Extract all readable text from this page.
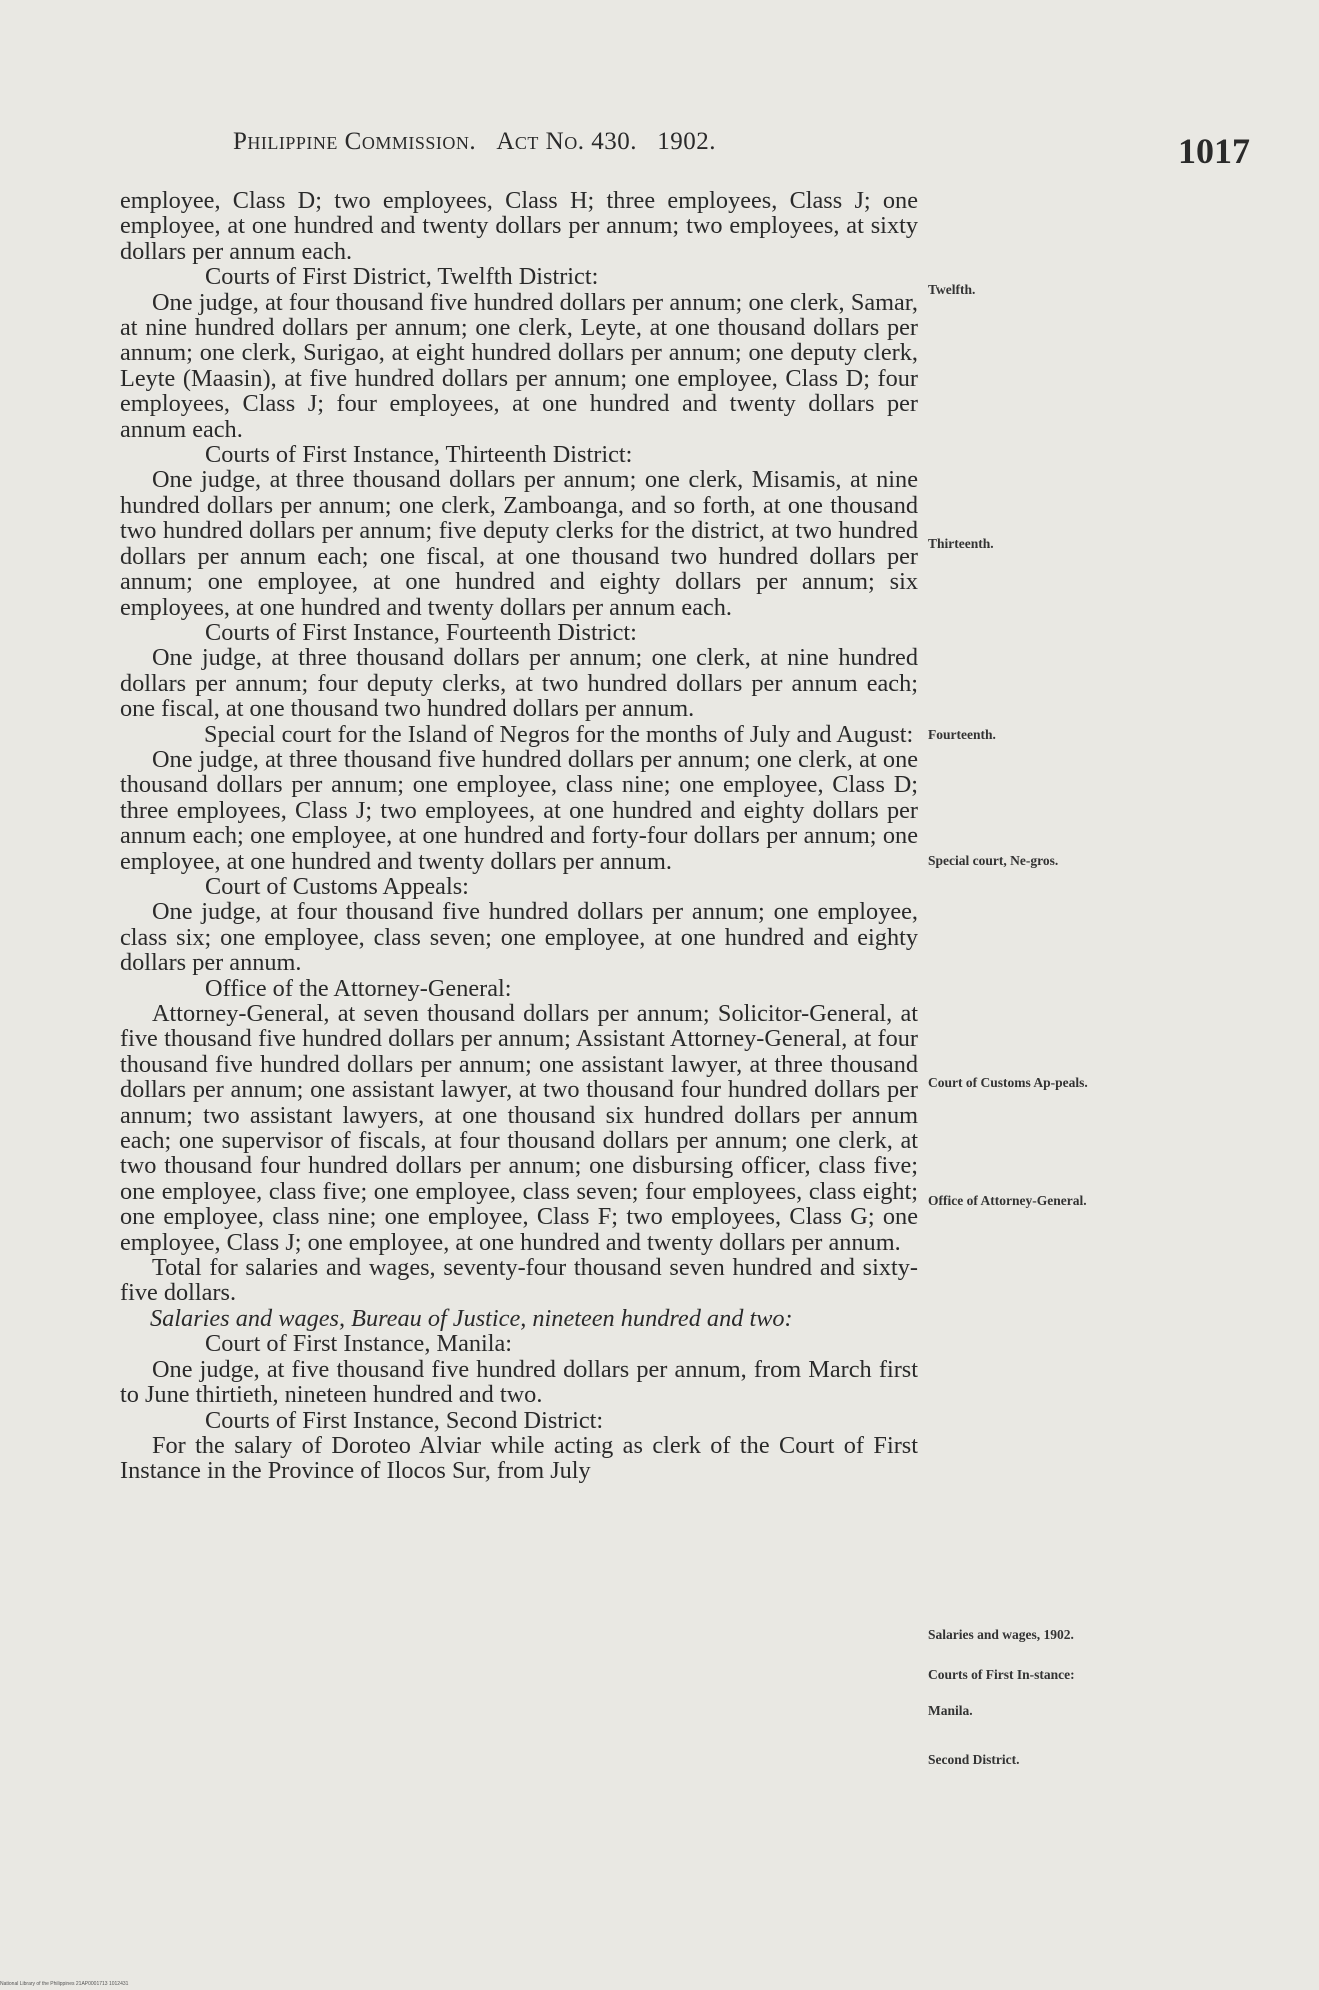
Philippine Commission. Act No. 430. 1902.	1017

employee, Class D; two employees, Class H; three employees, Class J; one employee, at one hundred and twenty dollars per annum; two employees, at sixty dollars per annum each.

Courts of First District, Twelfth District:

One judge, at four thousand five hundred dollars per annum; one clerk, Samar, at nine hundred dollars per annum; one clerk, Leyte, at one thousand dollars per annum; one clerk, Surigao, at eight hundred dollars per annum; one deputy clerk, Leyte (Maasin), at five hundred dollars per annum; one employee, Class D; four employees, Class J; four employees, at one hundred and twenty dollars per annum each.

Courts of First Instance, Thirteenth District:

One judge, at three thousand dollars per annum; one clerk, Misamis, at nine hundred dollars per annum; one clerk, Zamboanga, and so forth, at one thousand two hundred dollars per annum; five deputy clerks for the district, at two hundred dollars per annum each; one fiscal, at one thousand two hundred dollars per annum; one employee, at one hundred and eighty dollars per annum; six employees, at one hundred and twenty dollars per annum each.

Courts of First Instance, Fourteenth District:

One judge, at three thousand dollars per annum; one clerk, at nine hundred dollars per annum; four deputy clerks, at two hundred dollars per annum each; one fiscal, at one thousand two hundred dollars per annum.

Special court for the Island of Negros for the months of July and August:

One judge, at three thousand five hundred dollars per annum; one clerk, at one thousand dollars per annum; one employee, class nine; one employee, Class D; three employees, Class J; two employees, at one hundred and eighty dollars per annum each; one employee, at one hundred and forty-four dollars per annum; one employee, at one hundred and twenty dollars per annum.

Court of Customs Appeals:

One judge, at four thousand five hundred dollars per annum; one employee, class six; one employee, class seven; one employee, at one hundred and eighty dollars per annum.

Office of the Attorney-General:

Attorney-General, at seven thousand dollars per annum; Solicitor-General, at five thousand five hundred dollars per annum; Assistant Attorney-General, at four thousand five hundred dollars per annum; one assistant lawyer, at three thousand dollars per annum; one assistant lawyer, at two thousand four hundred dollars per annum; two assistant lawyers, at one thousand six hundred dollars per annum each; one supervisor of fiscals, at four thousand dollars per annum; one clerk, at two thousand four hundred dollars per annum; one disbursing officer, class five; one employee, class five; one employee, class seven; four employees, class eight; one employee, class nine; one employee, Class F; two employees, Class G; one employee, Class J; one employee, at one hundred and twenty dollars per annum.

Total for salaries and wages, seventy-four thousand seven hundred and sixty-five dollars.

Salaries and wages, Bureau of Justice, nineteen hundred and two:

Court of First Instance, Manila:

One judge, at five thousand five hundred dollars per annum, from March first to June thirtieth, nineteen hundred and two.

Courts of First Instance, Second District:

For the salary of Doroteo Alviar while acting as clerk of the Court of First Instance in the Province of Ilocos Sur, from July

Twelfth.
Thirteenth.
Fourteenth.
Special court, Ne-gros.
Court of Customs Ap-peals.
Office of Attorney-General.
Salaries and wages, 1902.
Courts of First In-stance:
Manila.
Second District.
National Library of the Philippines 21AP0001713 1012431
